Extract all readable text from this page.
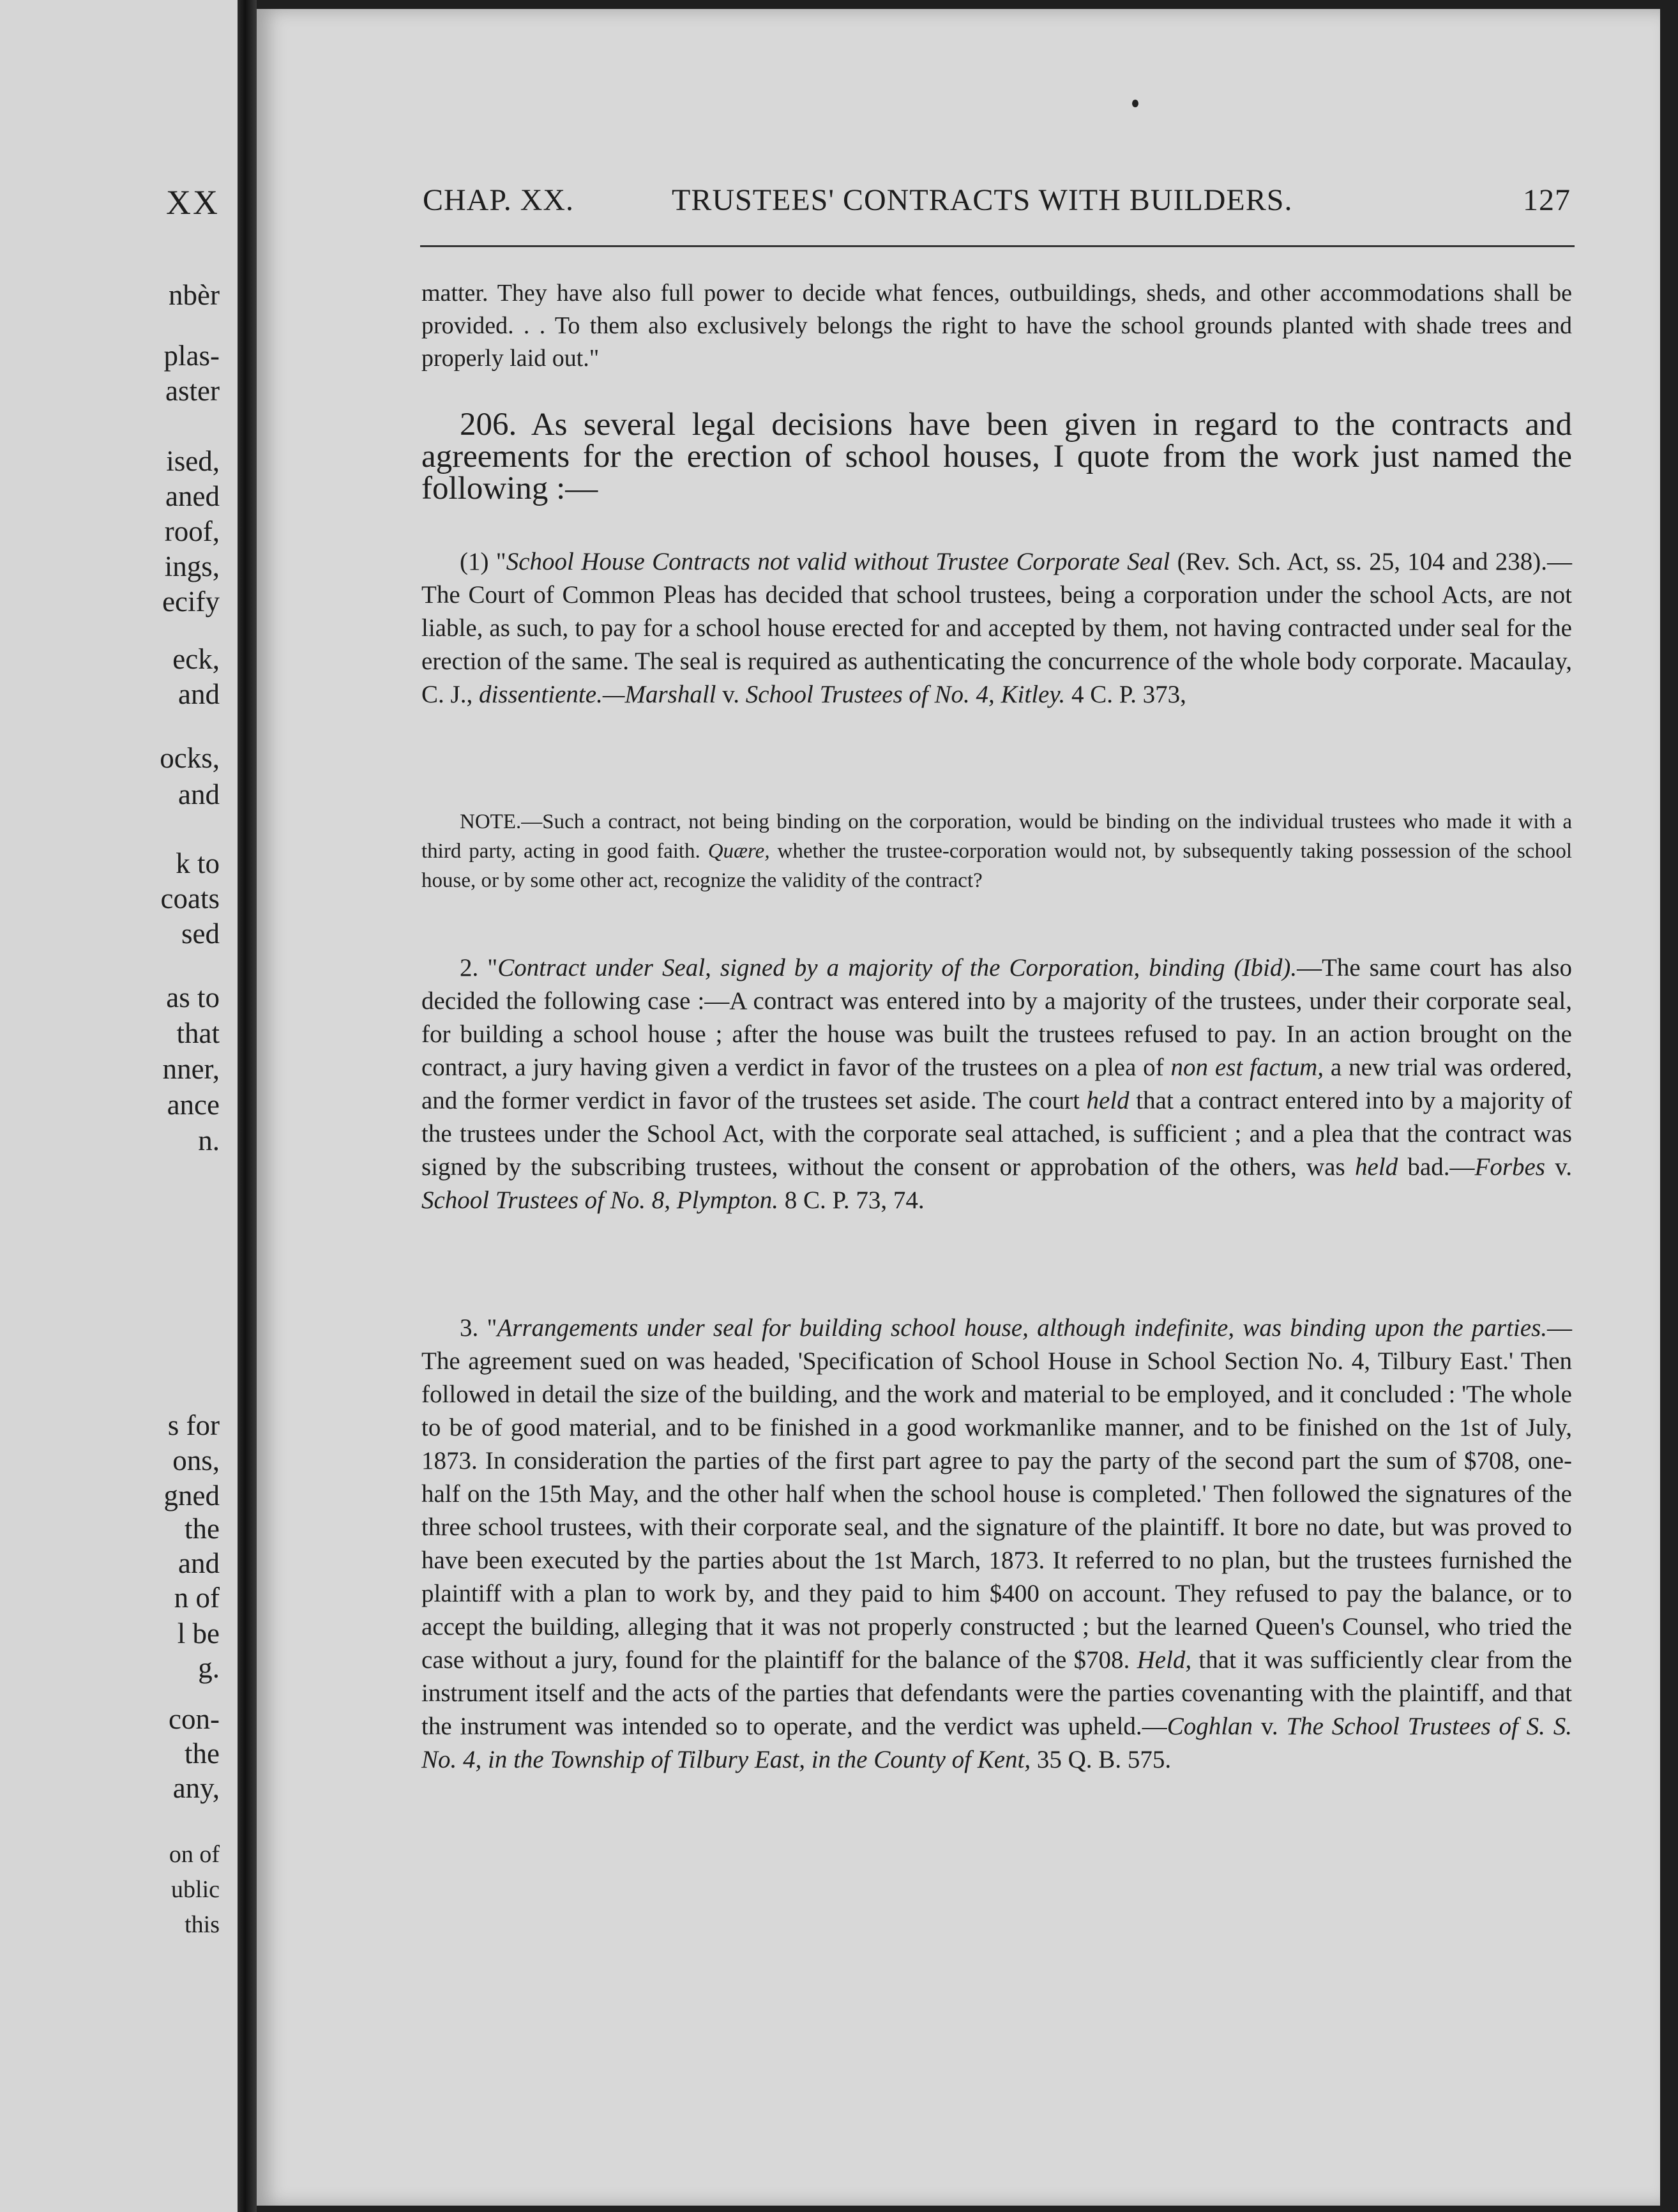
XX
nbèr
plas-
aster
ised,
aned
roof,
ings,
ecify
eck,
and
ocks,
and
k to
coats
sed
as to
that
nner,
ance
n.
s for
ons,
gned
the
and
n of
l be
g.
con-
the
any,
on of
ublic
this
CHAP. XX.	TRUSTEES' CONTRACTS WITH BUILDERS.	127

matter. They have also full power to decide what fences, outbuildings, sheds, and other accommodations shall be provided. . . To them also exclusively belongs the right to have the school grounds planted with shade trees and properly laid out."

206. As several legal decisions have been given in regard to the contracts and agreements for the erection of school houses, I quote from the work just named the following :—

(1) "School House Contracts not valid without Trustee Corporate Seal (Rev. Sch. Act, ss. 25, 104 and 238).—The Court of Common Pleas has decided that school trustees, being a corporation under the school Acts, are not liable, as such, to pay for a school house erected for and accepted by them, not having contracted under seal for the erection of the same. The seal is required as authenticating the concurrence of the whole body corporate. Macaulay, C. J., dissentiente.—Marshall v. School Trustees of No. 4, Kitley. 4 C. P. 373,

NOTE.—Such a contract, not being binding on the corporation, would be binding on the individual trustees who made it with a third party, acting in good faith. Quære, whether the trustee-corporation would not, by subsequently taking possession of the school house, or by some other act, recognize the validity of the contract?

2. "Contract under Seal, signed by a majority of the Corporation, binding (Ibid).—The same court has also decided the following case :—A contract was entered into by a majority of the trustees, under their corporate seal, for building a school house ; after the house was built the trustees refused to pay. In an action brought on the contract, a jury having given a verdict in favor of the trustees on a plea of non est factum, a new trial was ordered, and the former verdict in favor of the trustees set aside. The court held that a contract entered into by a majority of the trustees under the School Act, with the corporate seal attached, is sufficient ; and a plea that the contract was signed by the subscribing trustees, without the consent or approbation of the others, was held bad.—Forbes v. School Trustees of No. 8, Plympton. 8 C. P. 73, 74.

3. "Arrangements under seal for building school house, although indefinite, was binding upon the parties.—The agreement sued on was headed, 'Specification of School House in School Section No. 4, Tilbury East.' Then followed in detail the size of the building, and the work and material to be employed, and it concluded : 'The whole to be of good material, and to be finished in a good workmanlike manner, and to be finished on the 1st of July, 1873. In consideration the parties of the first part agree to pay the party of the second part the sum of $708, one-half on the 15th May, and the other half when the school house is completed.' Then followed the signatures of the three school trustees, with their corporate seal, and the signature of the plaintiff. It bore no date, but was proved to have been executed by the parties about the 1st March, 1873. It referred to no plan, but the trustees furnished the plaintiff with a plan to work by, and they paid to him $400 on account. They refused to pay the balance, or to accept the building, alleging that it was not properly constructed ; but the learned Queen's Counsel, who tried the case without a jury, found for the plaintiff for the balance of the $708. Held, that it was sufficiently clear from the instrument itself and the acts of the parties that defendants were the parties covenanting with the plaintiff, and that the instrument was intended so to operate, and the verdict was upheld.—Coghlan v. The School Trustees of S. S. No. 4, in the Township of Tilbury East, in the County of Kent, 35 Q. B. 575.
